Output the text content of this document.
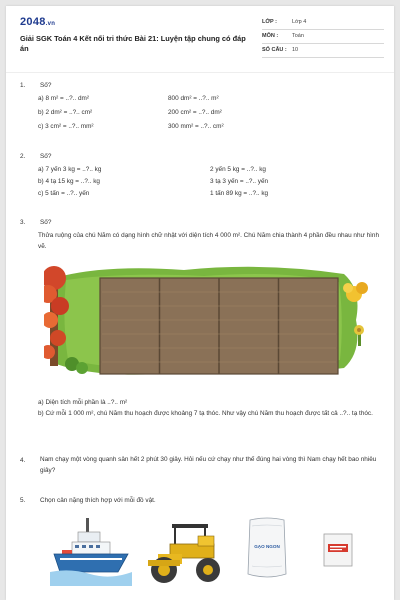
2048.vn
Giải SGK Toán 4 Kết nối tri thức Bài 21: Luyện tập chung có đáp án
LỚP :	Lớp 4
MÔN :	Toán
SỐ CÂU : 10
1. Số?
a) 8 m² = ..?.. dm²
b) 2 dm² = ..?.. cm²
c) 3 cm² = ..?.. mm²
800 dm² = ..?.. m²
200 cm² = ..?.. dm²
300 mm² = ..?.. cm²
2. Số?
a) 7 yến 3 kg = ..?.. kg
b) 4 tạ 15 kg = ..?.. kg
c) 5 tấn = ..?.. yến
2 yến 5 kg = ..?.. kg
3 tạ 3 yến = ..?.. yến
1 tấn 89 kg = ..?.. kg
3. Số?
Thửa ruộng của chú Năm có dạng hình chữ nhật với diện tích 4 000 m². Chú Năm chia thành 4 phần đều nhau như hình vẽ.
a) Diện tích mỗi phần là ..?.. m²
b) Cứ mỗi 1 000 m², chú Năm thu hoạch được khoảng 7 tạ thóc. Như vậy chú Năm thu hoạch được tất cả ..?.. tạ thóc.
4. Nam chạy một vòng quanh sân hết 2 phút 30 giây. Hỏi nếu cứ chạy như thế đúng hai vòng thì Nam chạy hết bao nhiêu giây?
5. Chọn cân nặng thích hợp với mỗi đồ vật.
GẠO NGON
